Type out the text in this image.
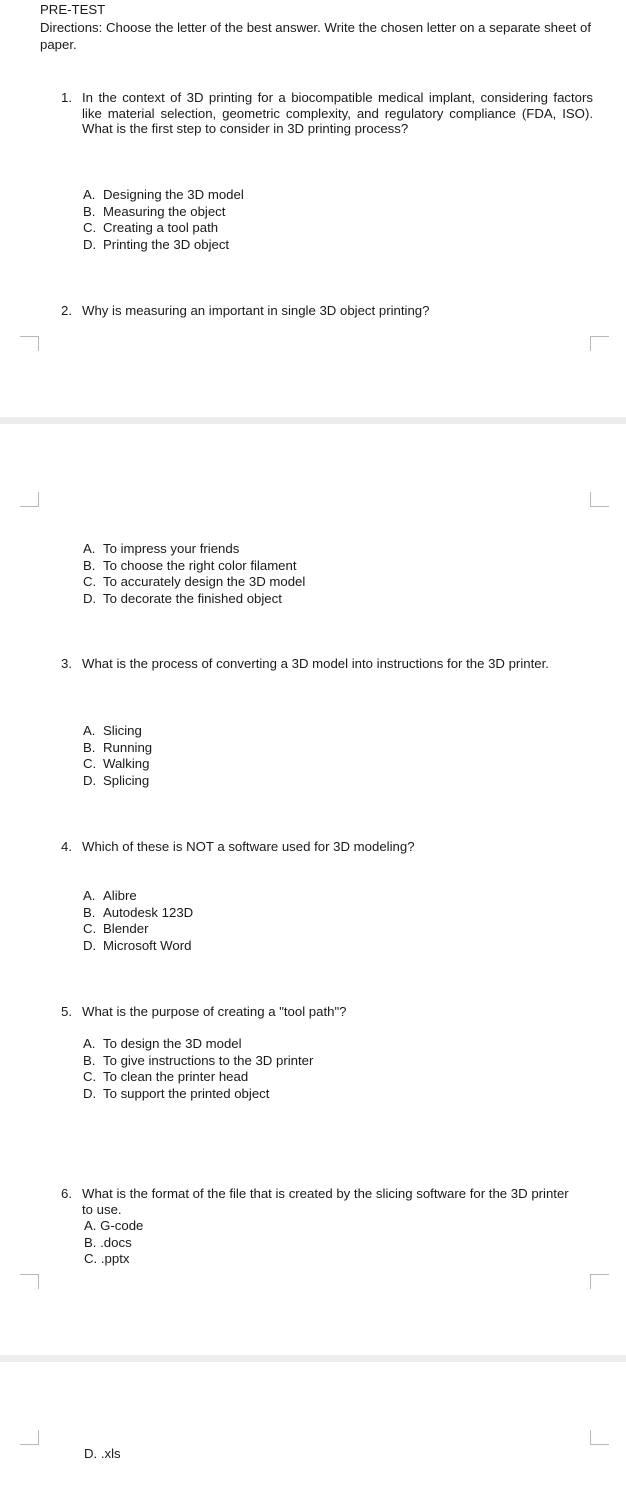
PRE-TEST
Directions: Choose the letter of the best answer. Write the chosen letter on a separate sheet of paper.
1. In the context of 3D printing for a biocompatible medical implant, considering factors like material selection, geometric complexity, and regulatory compliance (FDA, ISO). What is the first step to consider in 3D printing process?
A. Designing the 3D model
B. Measuring the object
C. Creating a tool path
D. Printing the 3D object
2. Why is measuring an important in single 3D object printing?
A. To impress your friends
B. To choose the right color filament
C. To accurately design the 3D model
D. To decorate the finished object
3. What is the process of converting a 3D model into instructions for the 3D printer.
A. Slicing
B. Running
C. Walking
D. Splicing
4. Which of these is NOT a software used for 3D modeling?
A. Alibre
B. Autodesk 123D
C. Blender
D. Microsoft Word
5. What is the purpose of creating a "tool path"?
A. To design the 3D model
B. To give instructions to the 3D printer
C. To clean the printer head
D. To support the printed object
6. What is the format of the file that is created by the slicing software for the 3D printer to use.
A. G-code
B. .docs
C. .pptx
D. .xls
